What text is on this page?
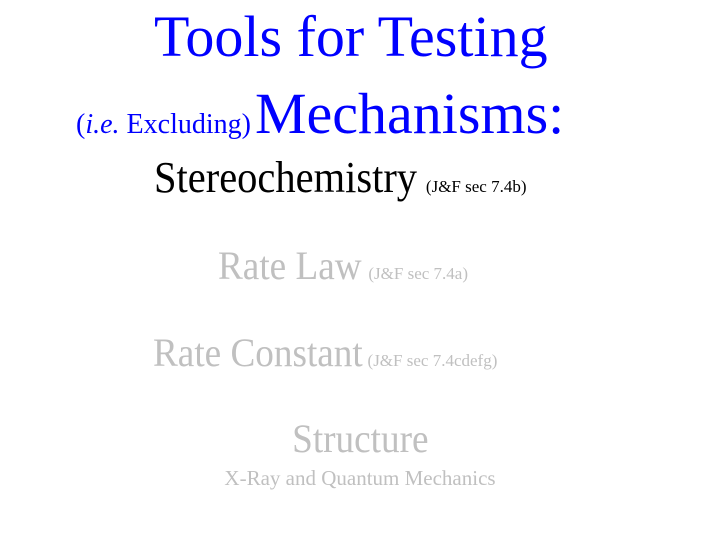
Tools for Testing
(i.e. Excluding) Mechanisms:
Stereochemistry (J&F sec 7.4b)
Rate Law (J&F sec 7.4a)
Rate Constant (J&F sec 7.4cdefg)
Structure
X-Ray and Quantum Mechanics
